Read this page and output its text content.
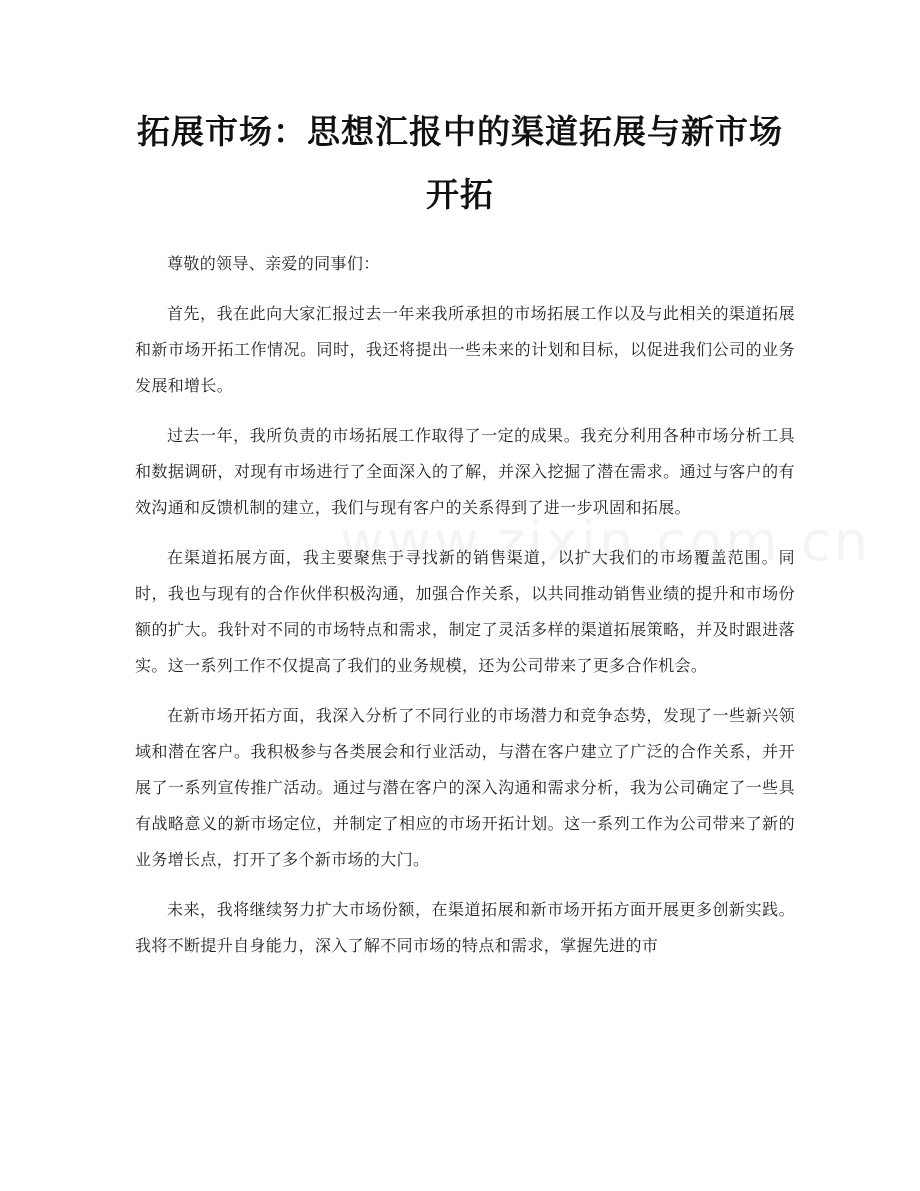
拓展市场：思想汇报中的渠道拓展与新市场
开拓

尊敬的领导、亲爱的同事们：

首先，我在此向大家汇报过去一年来我所承担的市场拓展工作以及与此相关的渠道拓展和新市场开拓工作情况。同时，我还将提出一些未来的计划和目标，以促进我们公司的业务发展和增长。

过去一年，我所负责的市场拓展工作取得了一定的成果。我充分利用各种市场分析工具和数据调研，对现有市场进行了全面深入的了解，并深入挖掘了潜在需求。通过与客户的有效沟通和反馈机制的建立，我们与现有客户的关系得到了进一步巩固和拓展。

在渠道拓展方面，我主要聚焦于寻找新的销售渠道，以扩大我们的市场覆盖范围。同时，我也与现有的合作伙伴积极沟通，加强合作关系，以共同推动销售业绩的提升和市场份额的扩大。我针对不同的市场特点和需求，制定了灵活多样的渠道拓展策略，并及时跟进落实。这一系列工作不仅提高了我们的业务规模，还为公司带来了更多合作机会。

在新市场开拓方面，我深入分析了不同行业的市场潜力和竞争态势，发现了一些新兴领域和潜在客户。我积极参与各类展会和行业活动，与潜在客户建立了广泛的合作关系，并开展了一系列宣传推广活动。通过与潜在客户的深入沟通和需求分析，我为公司确定了一些具有战略意义的新市场定位，并制定了相应的市场开拓计划。这一系列工作为公司带来了新的业务增长点，打开了多个新市场的大门。

未来，我将继续努力扩大市场份额，在渠道拓展和新市场开拓方面开展更多创新实践。我将不断提升自身能力，深入了解不同市场的特点和需求，掌握先进的市
